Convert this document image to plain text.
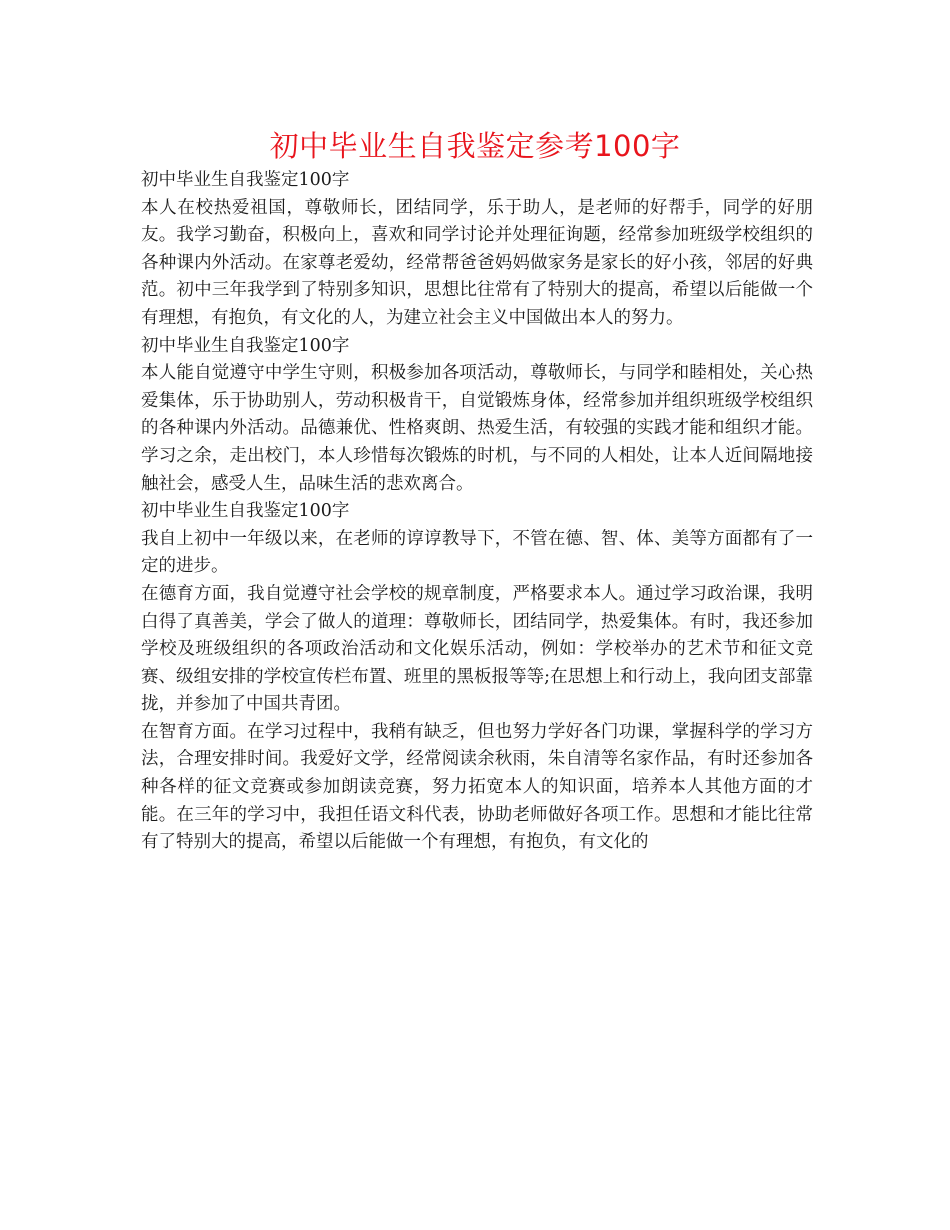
初中毕业生自我鉴定参考100字

初中毕业生自我鉴定100字

本人在校热爱祖国，尊敬师长，团结同学，乐于助人，是老师的好帮手，同学的好朋友。我学习勤奋，积极向上，喜欢和同学讨论并处理征询题，经常参加班级学校组织的各种课内外活动。在家尊老爱幼，经常帮爸爸妈妈做家务是家长的好小孩，邻居的好典范。初中三年我学到了特别多知识，思想比往常有了特别大的提高，希望以后能做一个有理想，有抱负，有文化的人，为建立社会主义中国做出本人的努力。

初中毕业生自我鉴定100字

本人能自觉遵守中学生守则，积极参加各项活动，尊敬师长，与同学和睦相处，关心热爱集体，乐于协助别人，劳动积极肯干，自觉锻炼身体，经常参加并组织班级学校组织的各种课内外活动。品德兼优、性格爽朗、热爱生活，有较强的实践才能和组织才能。学习之余，走出校门，本人珍惜每次锻炼的时机，与不同的人相处，让本人近间隔地接触社会，感受人生，品味生活的悲欢离合。

初中毕业生自我鉴定100字

我自上初中一年级以来，在老师的谆谆教导下，不管在德、智、体、美等方面都有了一定的进步。

在德育方面，我自觉遵守社会学校的规章制度，严格要求本人。通过学习政治课，我明白得了真善美，学会了做人的道理：尊敬师长，团结同学，热爱集体。有时，我还参加学校及班级组织的各项政治活动和文化娱乐活动，例如：学校举办的艺术节和征文竞赛、级组安排的学校宣传栏布置、班里的黑板报等等;在思想上和行动上，我向团支部靠拢，并参加了中国共青团。

在智育方面。在学习过程中，我稍有缺乏，但也努力学好各门功课，掌握科学的学习方法，合理安排时间。我爱好文学，经常阅读余秋雨，朱自清等名家作品，有时还参加各种各样的征文竞赛或参加朗读竞赛，努力拓宽本人的知识面，培养本人其他方面的才能。在三年的学习中，我担任语文科代表，协助老师做好各项工作。思想和才能比往常有了特别大的提高，希望以后能做一个有理想，有抱负，有文化的
